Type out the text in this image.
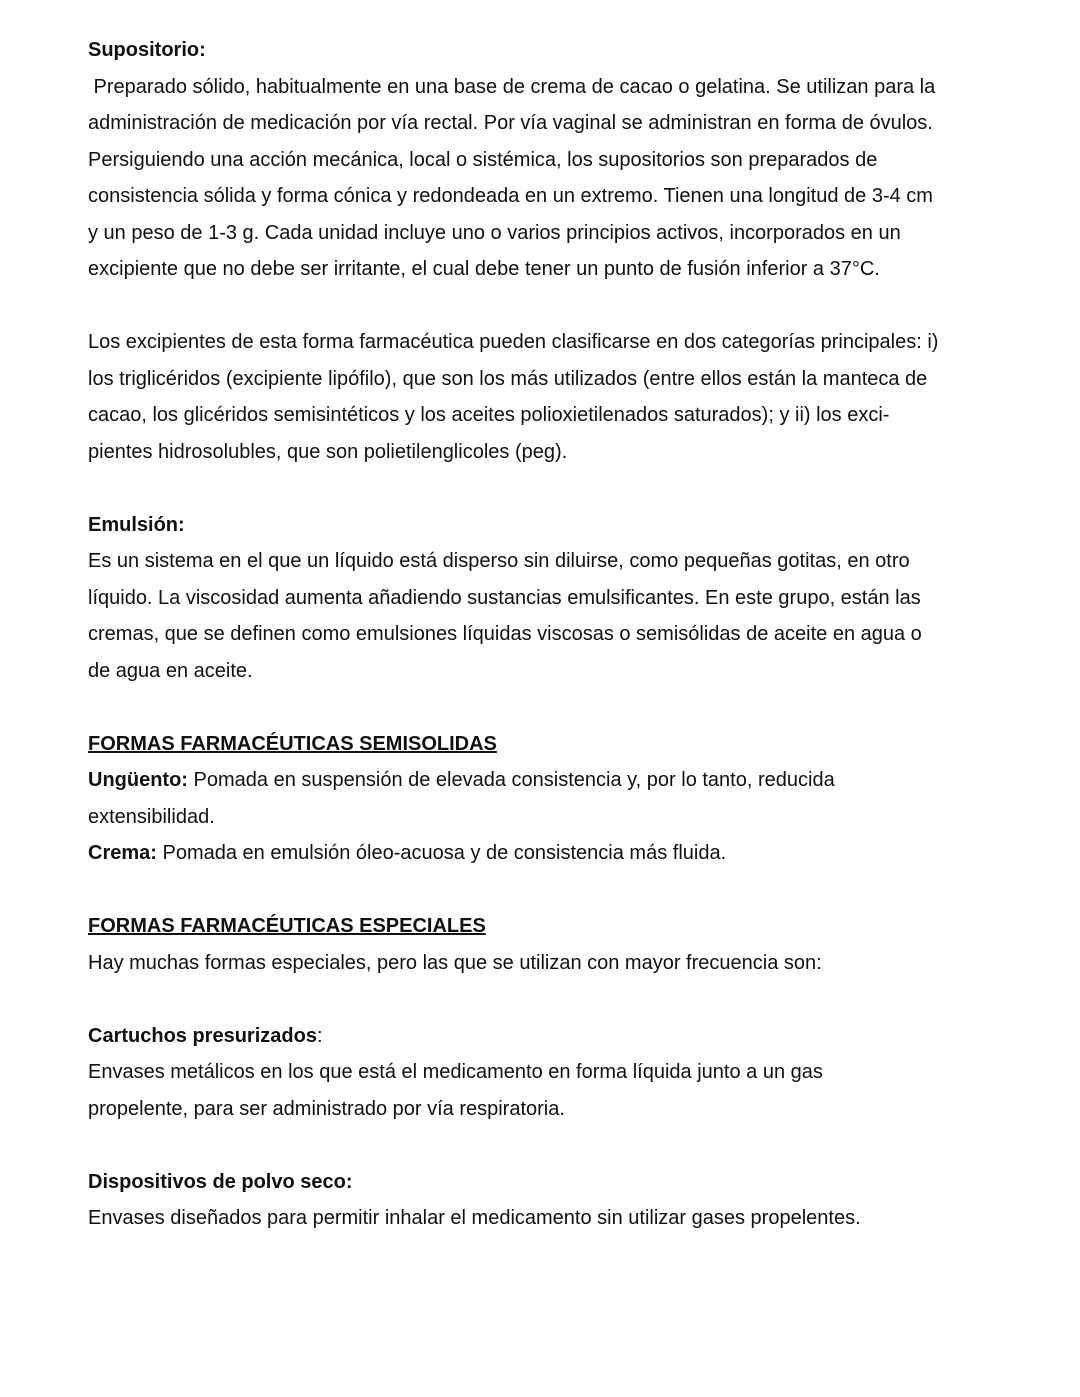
Supositorio:

Preparado sólido, habitualmente en una base de crema de cacao o gelatina. Se utilizan para la

administración de medicación por vía rectal. Por vía vaginal se administran en forma de óvulos.

Persiguiendo una acción mecánica, local o sistémica, los supositorios son preparados de

consistencia sólida y forma cónica y redondeada en un extremo. Tienen una longitud de 3-4 cm

y un peso de 1-3 g. Cada unidad incluye uno o varios principios activos, incorporados en un

excipiente que no debe ser irritante, el cual debe tener un punto de fusión inferior a 37°C.

Los excipientes de esta forma farmacéutica pueden clasificarse en dos categorías principales: i)

los triglicéridos (excipiente lipófilo), que son los más utilizados (entre ellos están la manteca de

cacao, los glicéridos semisintéticos y los aceites polioxietilenados saturados); y ii) los exci-

pientes hidrosolubles, que son polietilenglicoles (peg).

Emulsión:

Es un sistema en el que un líquido está disperso sin diluirse, como pequeñas gotitas, en otro

líquido. La viscosidad aumenta añadiendo sustancias emulsificantes. En este grupo, están las

cremas, que se definen como emulsiones líquidas viscosas o semisólidas de aceite en agua o

de agua en aceite.

FORMAS FARMACÉUTICAS SEMISOLIDAS

Ungüento: Pomada en suspensión de elevada consistencia y, por lo tanto, reducida

extensibilidad.

Crema: Pomada en emulsión óleo-acuosa y de consistencia más fluida.

FORMAS FARMACÉUTICAS ESPECIALES

Hay muchas formas especiales, pero las que se utilizan con mayor frecuencia son:

Cartuchos presurizados:

Envases metálicos en los que está el medicamento en forma líquida junto a un gas

propelente, para ser administrado por vía respiratoria.

Dispositivos de polvo seco:

Envases diseñados para permitir inhalar el medicamento sin utilizar gases propelentes.
